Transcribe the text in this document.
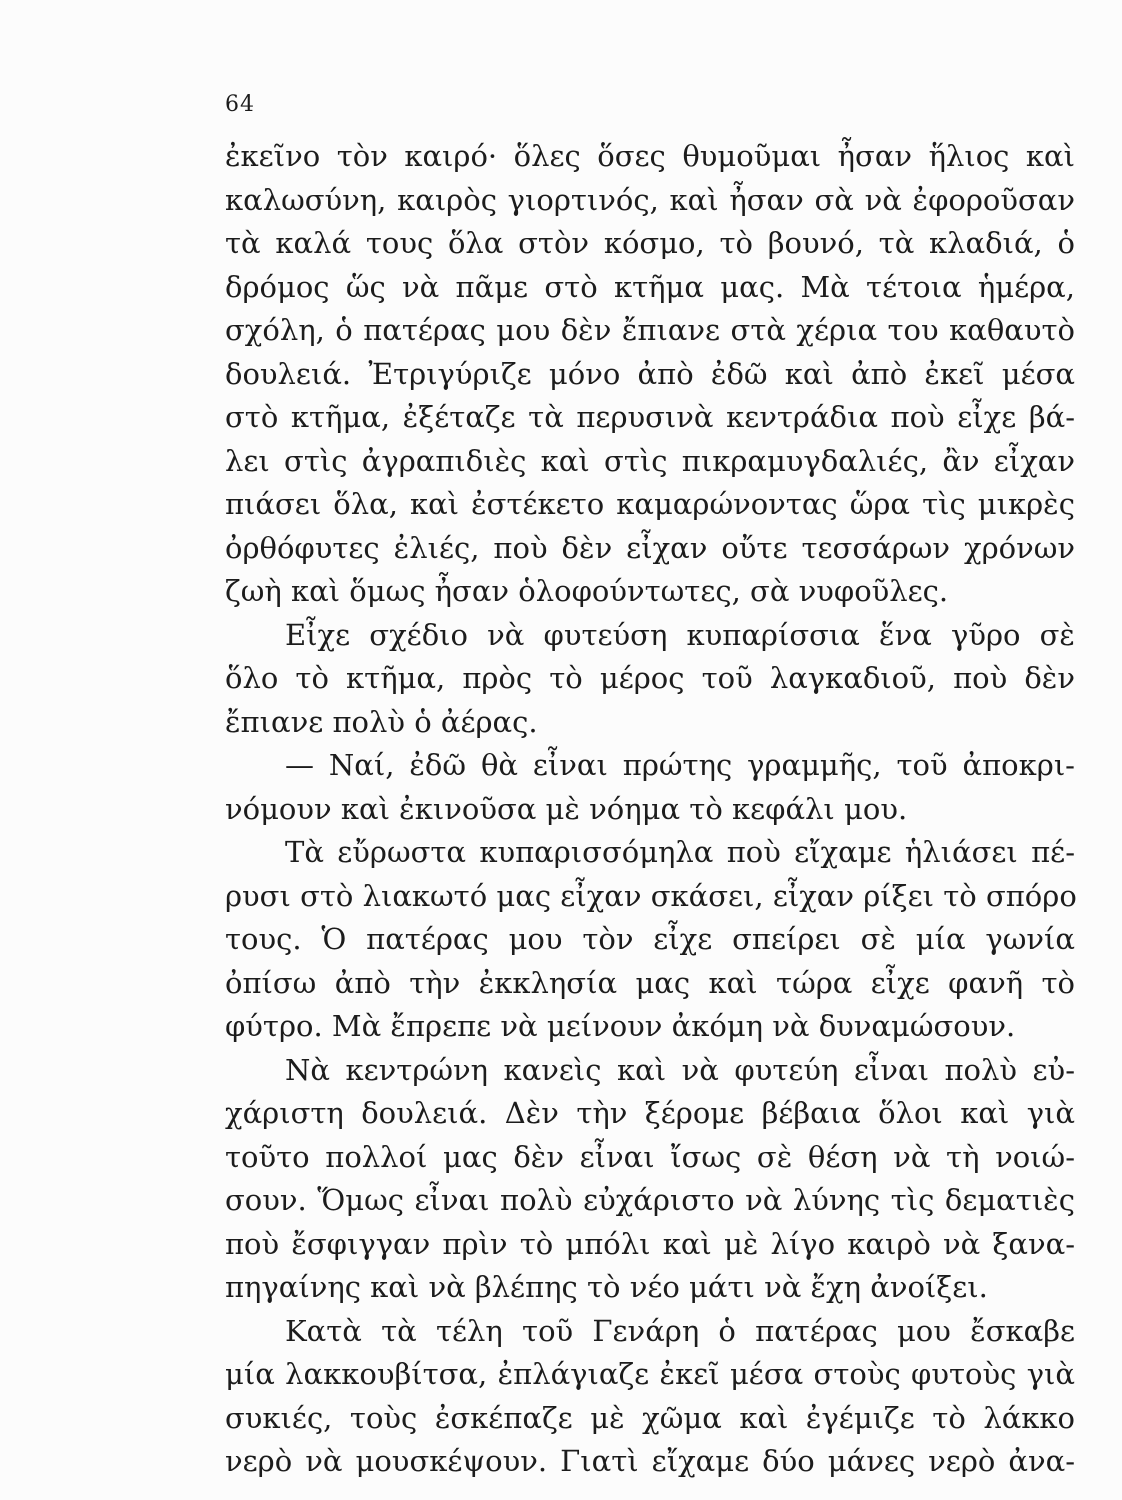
64
ἐκεῖνο τὸν καιρό· ὅλες ὅσες θυμοῦμαι ἦσαν ἥλιος καὶ
καλωσύνη, καιρὸς γιορτινός, καὶ ἦσαν σὰ νὰ ἐφοροῦσαν
τὰ καλά τους ὅλα στὸν κόσμο, τὸ βουνό, τὰ κλαδιά, ὁ
δρόμος ὥς νὰ πᾶμε στὸ κτῆμα μας. Μὰ τέτοια ἡμέρα,
σχόλη, ὁ πατέρας μου δὲν ἔπιανε στὰ χέρια του καθαυτὸ
δουλειά. Ἐτριγύριζε μόνο ἀπὸ ἐδῶ καὶ ἀπὸ ἐκεῖ μέσα
στὸ κτῆμα, ἐξέταζε τὰ περυσινὰ κεντράδια ποὺ εἶχε βά-
λει στὶς ἀγραπιδιὲς καὶ στὶς πικραμυγδαλιές, ἂν εἶχαν
πιάσει ὅλα, καὶ ἐστέκετο καμαρώνοντας ὥρα τὶς μικρὲς
ὀρθόφυτες ἐλιές, ποὺ δὲν εἶχαν οὔτε τεσσάρων χρόνων
ζωὴ καὶ ὅμως ἦσαν ὁλοφούντωτες, σὰ νυφοῦλες.
Εἶχε σχέδιο νὰ φυτεύση κυπαρίσσια ἕνα γῦρο σὲ
ὅλο τὸ κτῆμα, πρὸς τὸ μέρος τοῦ λαγκαδιοῦ, ποὺ δὲν
ἔπιανε πολὺ ὁ ἀέρας.
— Ναί, ἐδῶ θὰ εἶναι πρώτης γραμμῆς, τοῦ ἀποκρι-
νόμουν καὶ ἐκινοῦσα μὲ νόημα τὸ κεφάλι μου.
Τὰ εὔρωστα κυπαρισσόμηλα ποὺ εἴχαμε ἡλιάσει πέ-
ρυσι στὸ λιακωτό μας εἶχαν σκάσει, εἶχαν ρίξει τὸ σπόρο
τους. Ὁ πατέρας μου τὸν εἶχε σπείρει σὲ μία γωνία
ὀπίσω ἀπὸ τὴν ἐκκλησία μας καὶ τώρα εἶχε φανῆ τὸ
φύτρο. Μὰ ἔπρεπε νὰ μείνουν ἀκόμη νὰ δυναμώσουν.
Νὰ κεντρώνη κανεὶς καὶ νὰ φυτεύη εἶναι πολὺ εὐ-
χάριστη δουλειά. Δὲν τὴν ξέρομε βέβαια ὅλοι καὶ γιὰ
τοῦτο πολλοί μας δὲν εἶναι ἴσως σὲ θέση νὰ τὴ νοιώ-
σουν. Ὅμως εἶναι πολὺ εὐχάριστο νὰ λύνης τὶς δεματιὲς
ποὺ ἔσφιγγαν πρὶν τὸ μπόλι καὶ μὲ λίγο καιρὸ νὰ ξανα-
πηγαίνης καὶ νὰ βλέπης τὸ νέο μάτι νὰ ἔχη ἀνοίξει.
Κατὰ τὰ τέλη τοῦ Γενάρη ὁ πατέρας μου ἔσκαβε
μία λακκουβίτσα, ἐπλάγιαζε ἐκεῖ μέσα στοὺς φυτοὺς γιὰ
συκιές, τοὺς ἐσκέπαζε μὲ χῶμα καὶ ἐγέμιζε τὸ λάκκο
νερὸ νὰ μουσκέψουν. Γιατὶ εἴχαμε δύο μάνες νερὸ ἀνα-
